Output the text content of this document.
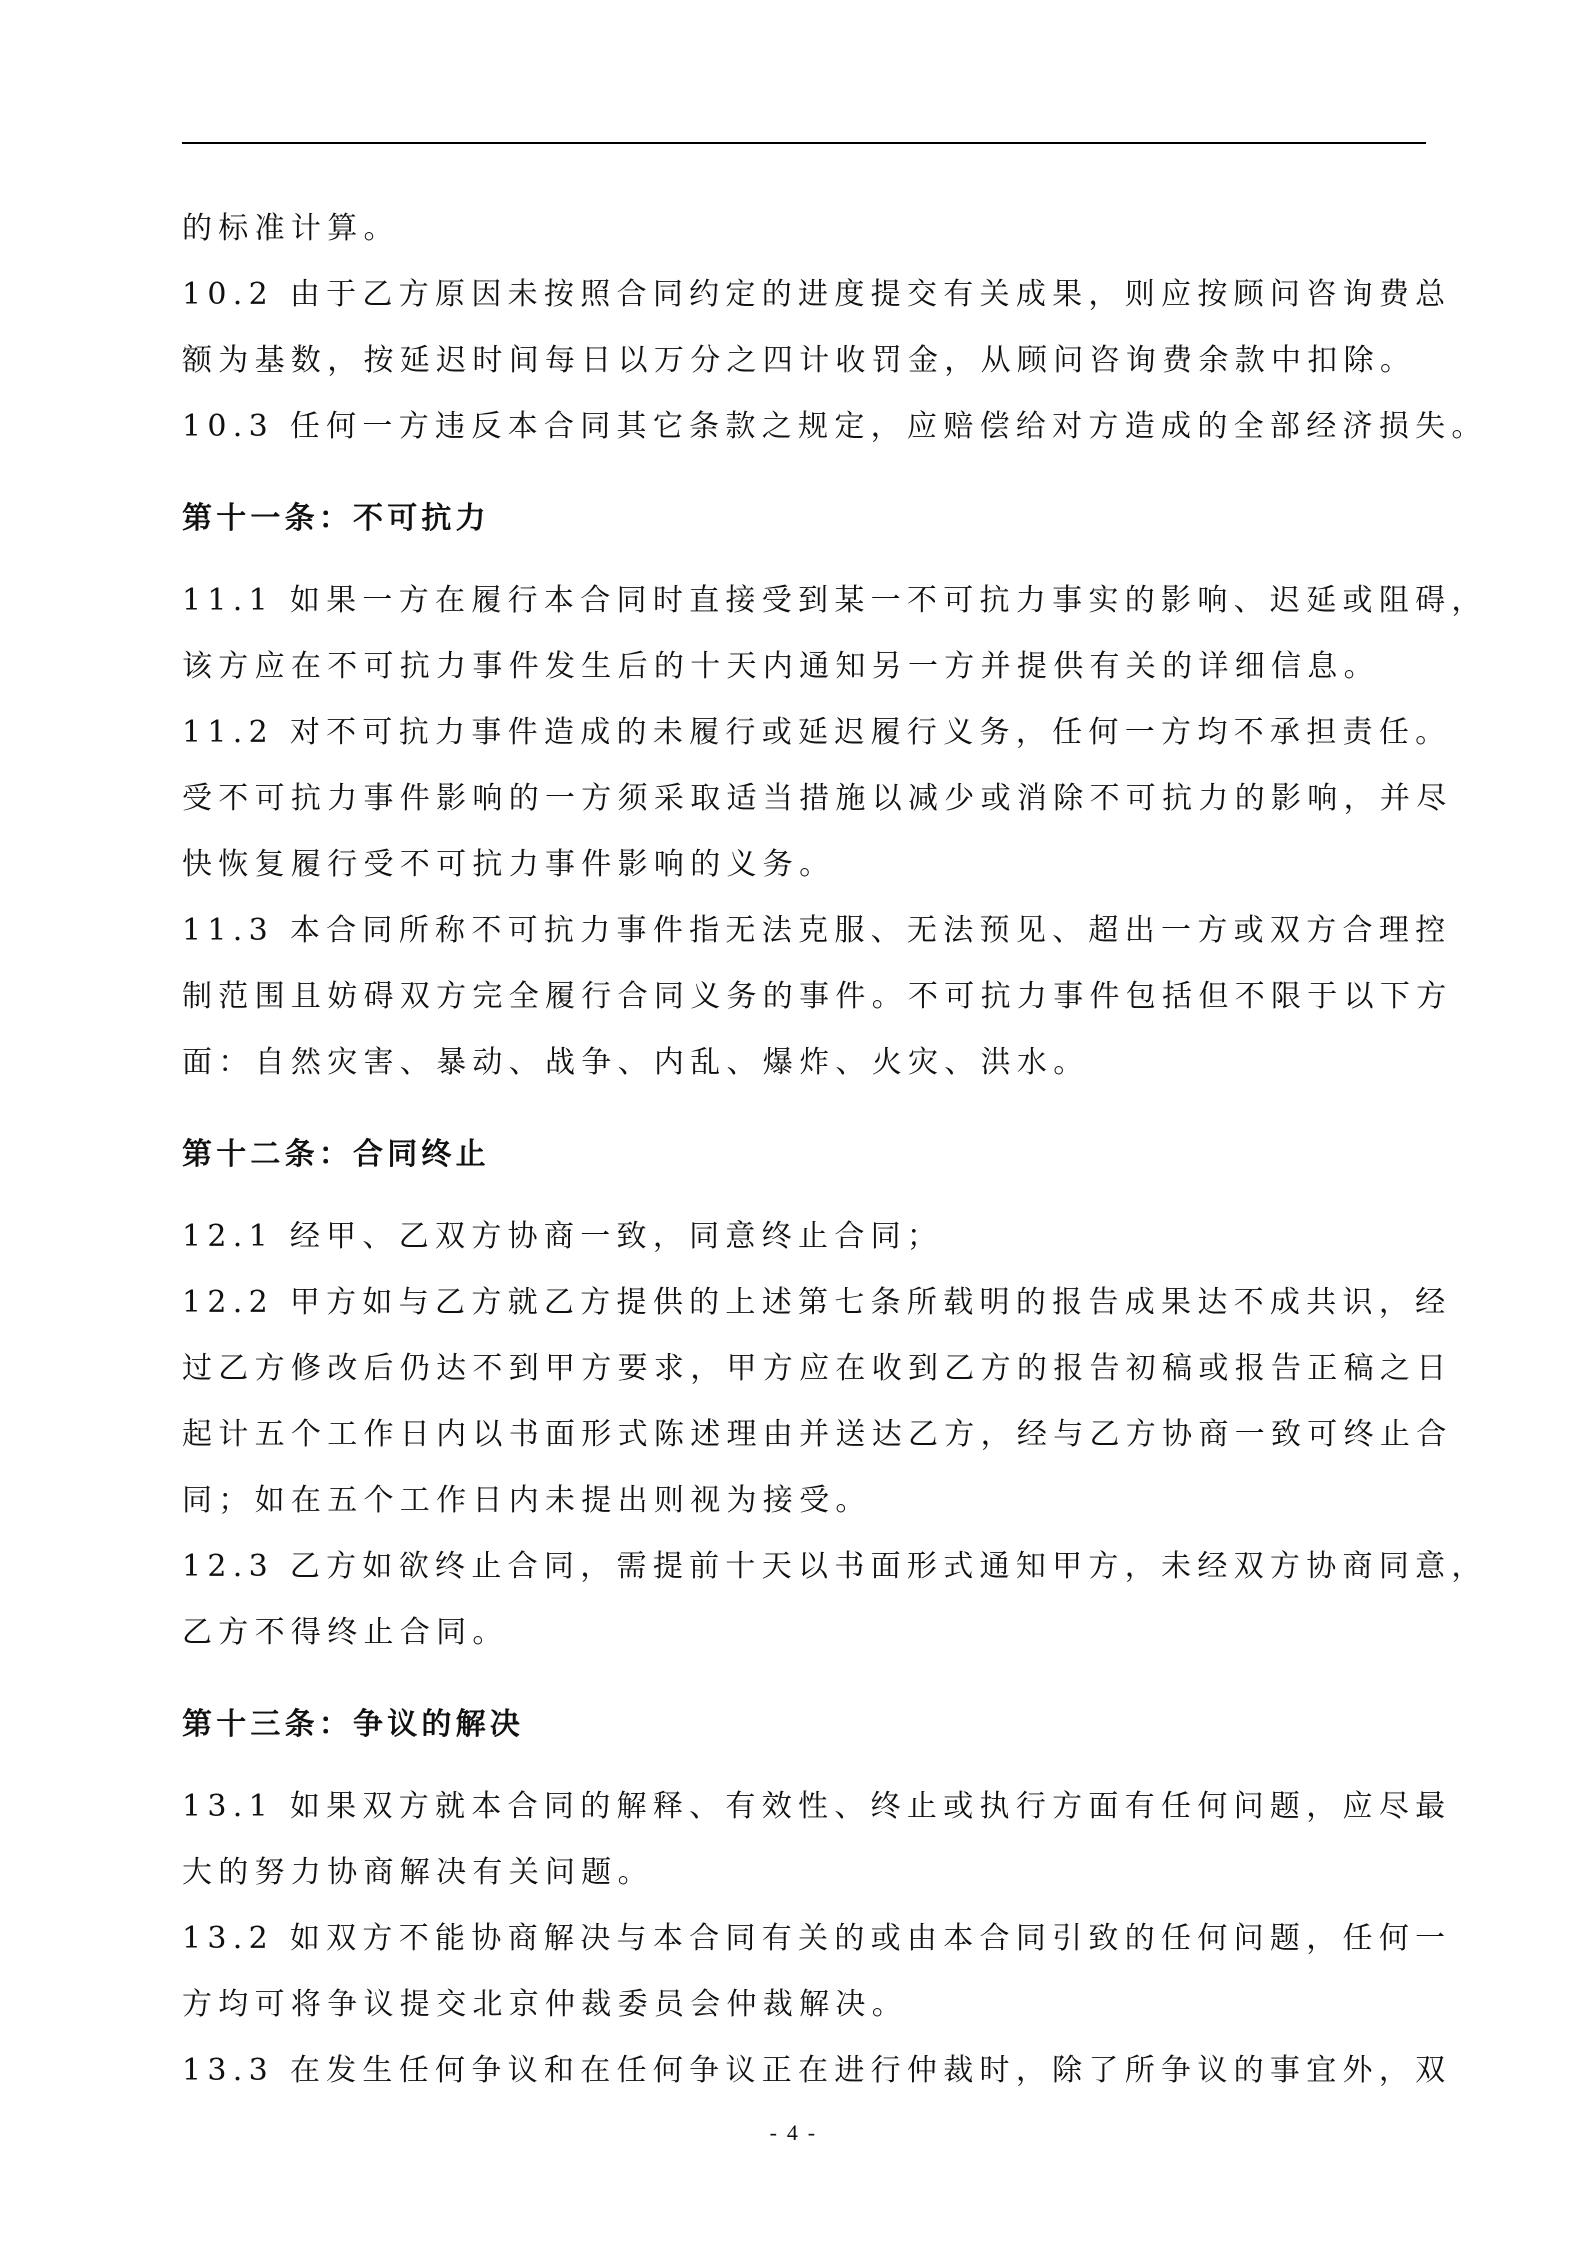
的标准计算。
10.2 由于乙方原因未按照合同约定的进度提交有关成果，则应按顾问咨询费总
额为基数，按延迟时间每日以万分之四计收罚金，从顾问咨询费余款中扣除。
10.3 任何一方违反本合同其它条款之规定，应赔偿给对方造成的全部经济损失。
第十一条：不可抗力
11.1 如果一方在履行本合同时直接受到某一不可抗力事实的影响、迟延或阻碍，
该方应在不可抗力事件发生后的十天内通知另一方并提供有关的详细信息。
11.2 对不可抗力事件造成的未履行或延迟履行义务，任何一方均不承担责任。
受不可抗力事件影响的一方须采取适当措施以减少或消除不可抗力的影响，并尽
快恢复履行受不可抗力事件影响的义务。
11.3 本合同所称不可抗力事件指无法克服、无法预见、超出一方或双方合理控
制范围且妨碍双方完全履行合同义务的事件。不可抗力事件包括但不限于以下方
面：自然灾害、暴动、战争、内乱、爆炸、火灾、洪水。
第十二条：合同终止
12.1 经甲、乙双方协商一致，同意终止合同；
12.2 甲方如与乙方就乙方提供的上述第七条所载明的报告成果达不成共识，经
过乙方修改后仍达不到甲方要求，甲方应在收到乙方的报告初稿或报告正稿之日
起计五个工作日内以书面形式陈述理由并送达乙方，经与乙方协商一致可终止合
同；如在五个工作日内未提出则视为接受。
12.3 乙方如欲终止合同，需提前十天以书面形式通知甲方，未经双方协商同意，
乙方不得终止合同。
第十三条：争议的解决
13.1 如果双方就本合同的解释、有效性、终止或执行方面有任何问题，应尽最
大的努力协商解决有关问题。
13.2 如双方不能协商解决与本合同有关的或由本合同引致的任何问题，任何一
方均可将争议提交北京仲裁委员会仲裁解决。
13.3 在发生任何争议和在任何争议正在进行仲裁时，除了所争议的事宜外，双
- 4 -
